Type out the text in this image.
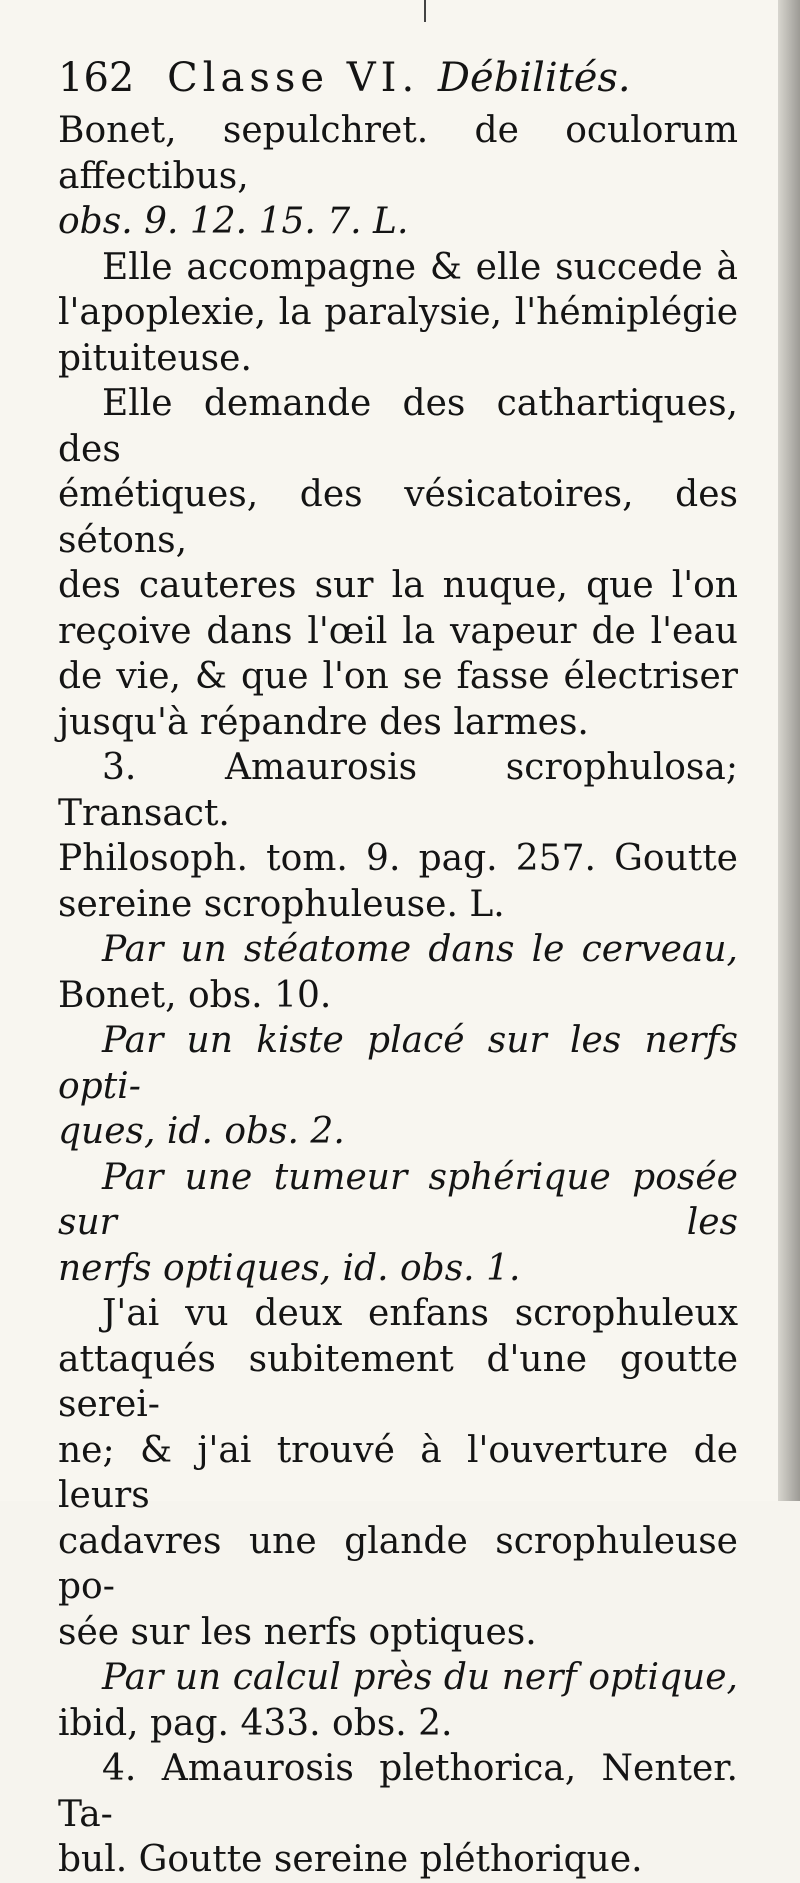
162 Classe VI. Débilités.

Bonet, sepulchret. de oculorum affectibus,

obs. 9. 12. 15. 7. L.

Elle accompagne & elle succede à

l'apoplexie, la paralysie, l'hémiplégie

pituiteuse.

Elle demande des cathartiques, des

émétiques, des vésicatoires, des sétons,

des cauteres sur la nuque, que l'on

reçoive dans l'œil la vapeur de l'eau

de vie, & que l'on se fasse électriser

jusqu'à répandre des larmes.

3. Amaurosis scrophulosa; Transact.

Philosoph. tom. 9. pag. 257. Goutte

sereine scrophuleuse. L.

Par un stéatome dans le cerveau,

Bonet, obs. 10.

Par un kiste placé sur les nerfs opti-

ques, id. obs. 2.

Par une tumeur sphérique posée sur les

nerfs optiques, id. obs. 1.

J'ai vu deux enfans scrophuleux

attaqués subitement d'une goutte serei-

ne; & j'ai trouvé à l'ouverture de leurs

cadavres une glande scrophuleuse po-

sée sur les nerfs optiques.

Par un calcul près du nerf optique,

ibid, pag. 433. obs. 2.

4. Amaurosis plethorica, Nenter. Ta-

bul. Goutte sereine pléthorique.
